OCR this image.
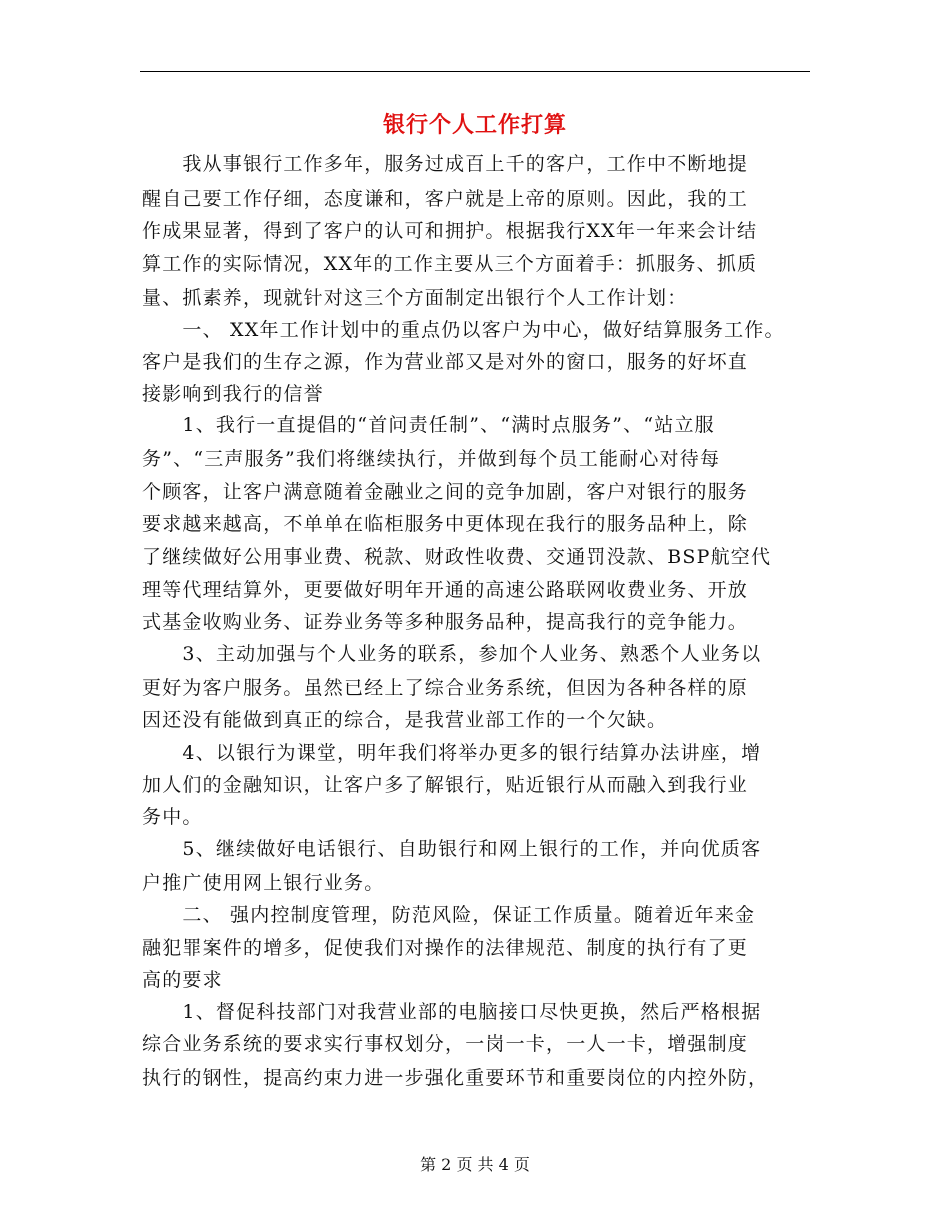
银行个人工作打算
　　我从事银行工作多年，服务过成百上千的客户，工作中不断地提
醒自己要工作仔细，态度谦和，客户就是上帝的原则。因此，我的工
作成果显著，得到了客户的认可和拥护。根据我行XX年一年来会计结
算工作的实际情况，XX年的工作主要从三个方面着手：抓服务、抓质
量、抓素养，现就针对这三个方面制定出银行个人工作计划：
　　一、 XX年工作计划中的重点仍以客户为中心，做好结算服务工作。
客户是我们的生存之源，作为营业部又是对外的窗口，服务的好坏直
接影响到我行的信誉
　　1、我行一直提倡的“首问责任制”、“满时点服务”、“站立服
务”、“三声服务”我们将继续执行，并做到每个员工能耐心对待每
个顾客，让客户满意随着金融业之间的竞争加剧，客户对银行的服务
要求越来越高，不单单在临柜服务中更体现在我行的服务品种上，除
了继续做好公用事业费、税款、财政性收费、交通罚没款、BSP航空代
理等代理结算外，更要做好明年开通的高速公路联网收费业务、开放
式基金收购业务、证券业务等多种服务品种，提高我行的竞争能力。
　　3、主动加强与个人业务的联系，参加个人业务、熟悉个人业务以
更好为客户服务。虽然已经上了综合业务系统，但因为各种各样的原
因还没有能做到真正的综合，是我营业部工作的一个欠缺。
　　4、以银行为课堂，明年我们将举办更多的银行结算办法讲座，增
加人们的金融知识，让客户多了解银行，贴近银行从而融入到我行业
务中。
　　5、继续做好电话银行、自助银行和网上银行的工作，并向优质客
户推广使用网上银行业务。
　　二、 强内控制度管理，防范风险，保证工作质量。随着近年来金
融犯罪案件的增多，促使我们对操作的法律规范、制度的执行有了更
高的要求
　　1、督促科技部门对我营业部的电脑接口尽快更换，然后严格根据
综合业务系统的要求实行事权划分，一岗一卡，一人一卡，增强制度
执行的钢性，提高约束力进一步强化重要环节和重要岗位的内控外防，
第 2 页 共 4 页
